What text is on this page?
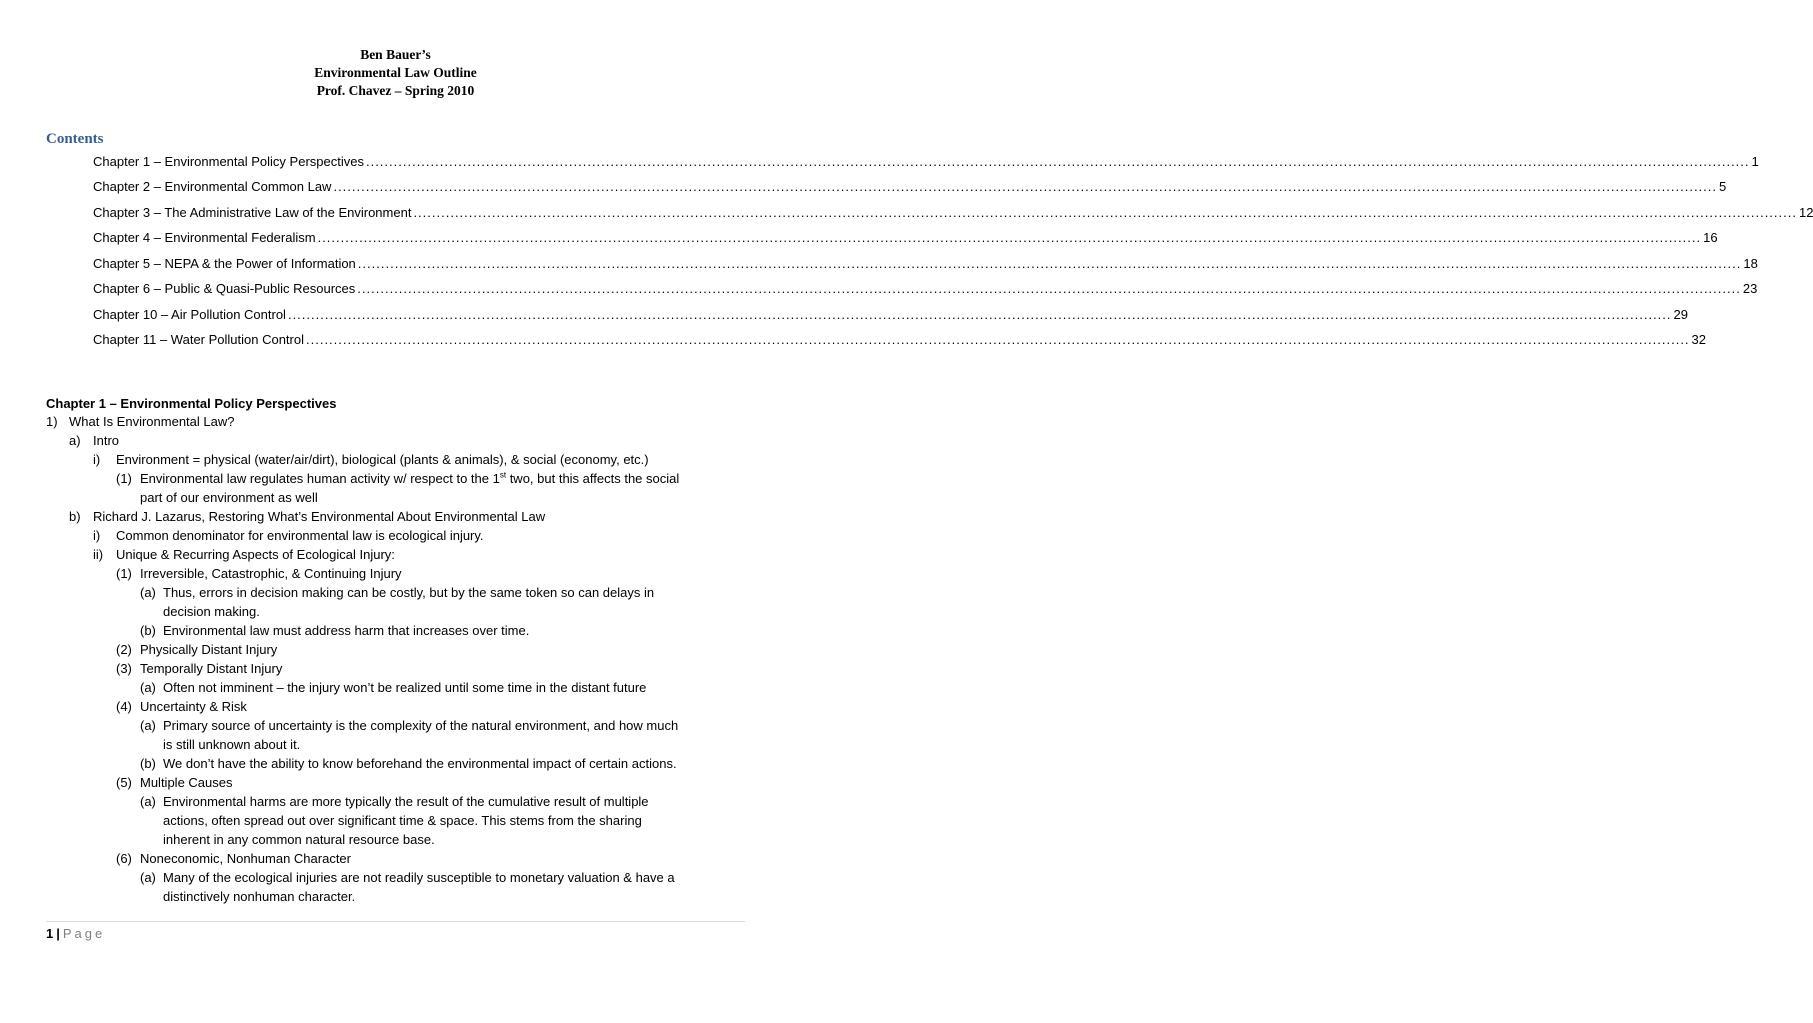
Ben Bauer’s
Environmental Law Outline
Prof. Chavez – Spring 2010
Contents
Chapter 1 – Environmental Policy Perspectives ............................................................................................................................................................................................................................................................................................................ 1
Chapter 2 – Environmental Common Law ............................................................................................................................................................................................................................................................................................................ 5
Chapter 3 – The Administrative Law of the Environment ............................................................................................................................................................................................................................................................................................................ 12
Chapter 4 – Environmental Federalism ............................................................................................................................................................................................................................................................................................................ 16
Chapter 5 – NEPA & the Power of Information ............................................................................................................................................................................................................................................................................................................ 18
Chapter 6 – Public & Quasi-Public Resources ............................................................................................................................................................................................................................................................................................................ 23
Chapter 10 – Air Pollution Control ............................................................................................................................................................................................................................................................................................................ 29
Chapter 11 – Water Pollution Control ............................................................................................................................................................................................................................................................................................................ 32
Chapter 1 – Environmental Policy Perspectives
1) What Is Environmental Law?
a) Intro
i) Environment = physical (water/air/dirt), biological (plants & animals), & social (economy, etc.)
(1) Environmental law regulates human activity w/ respect to the 1st two, but this affects the social
part of our environment as well
b) Richard J. Lazarus, Restoring What’s Environmental About Environmental Law
i) Common denominator for environmental law is ecological injury.
ii) Unique & Recurring Aspects of Ecological Injury:
(1) Irreversible, Catastrophic, & Continuing Injury
(a) Thus, errors in decision making can be costly, but by the same token so can delays in
decision making.
(b) Environmental law must address harm that increases over time.
(2) Physically Distant Injury
(3) Temporally Distant Injury
(a) Often not imminent – the injury won’t be realized until some time in the distant future
(4) Uncertainty & Risk
(a) Primary source of uncertainty is the complexity of the natural environment, and how much
is still unknown about it.
(b) We don’t have the ability to know beforehand the environmental impact of certain actions.
(5) Multiple Causes
(a) Environmental harms are more typically the result of the cumulative result of multiple
actions, often spread out over significant time & space. This stems from the sharing
inherent in any common natural resource base.
(6) Noneconomic, Nonhuman Character
(a) Many of the ecological injuries are not readily susceptible to monetary valuation & have a
distinctively nonhuman character.
1 | Page
